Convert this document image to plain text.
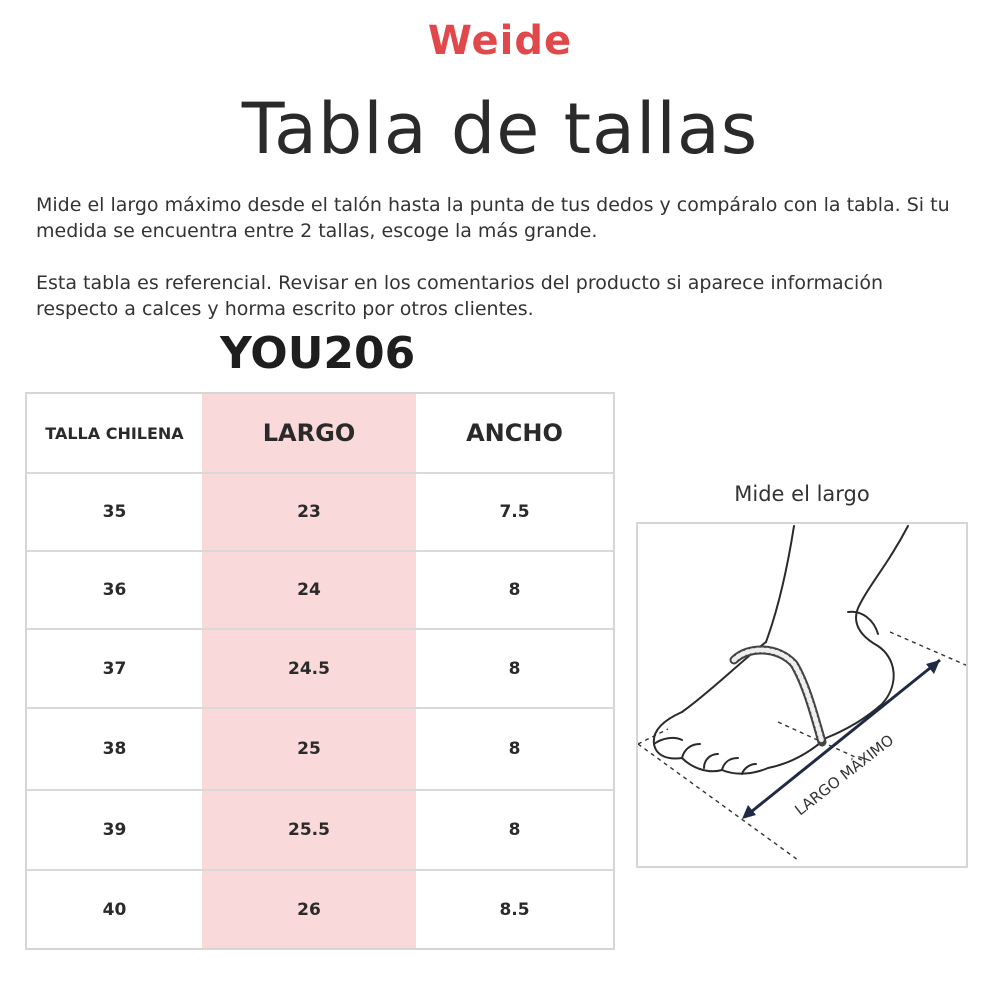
Weide
Tabla de tallas

Mide el largo máximo desde el talón hasta la punta de tus dedos y compáralo con la tabla. Si tu medida se encuentra entre 2 tallas, escoge la más grande.

Esta tabla es referencial. Revisar en los comentarios del producto si aparece información respecto a calces y horma escrito por otros clientes.

YOU206
TALLA CHILENA	LARGO	ANCHO
35	23	7.5
36	24	8
37	24.5	8
38	25	8
39	25.5	8
40	26	8.5
Mide el largo
LARGO MÁXIMO
